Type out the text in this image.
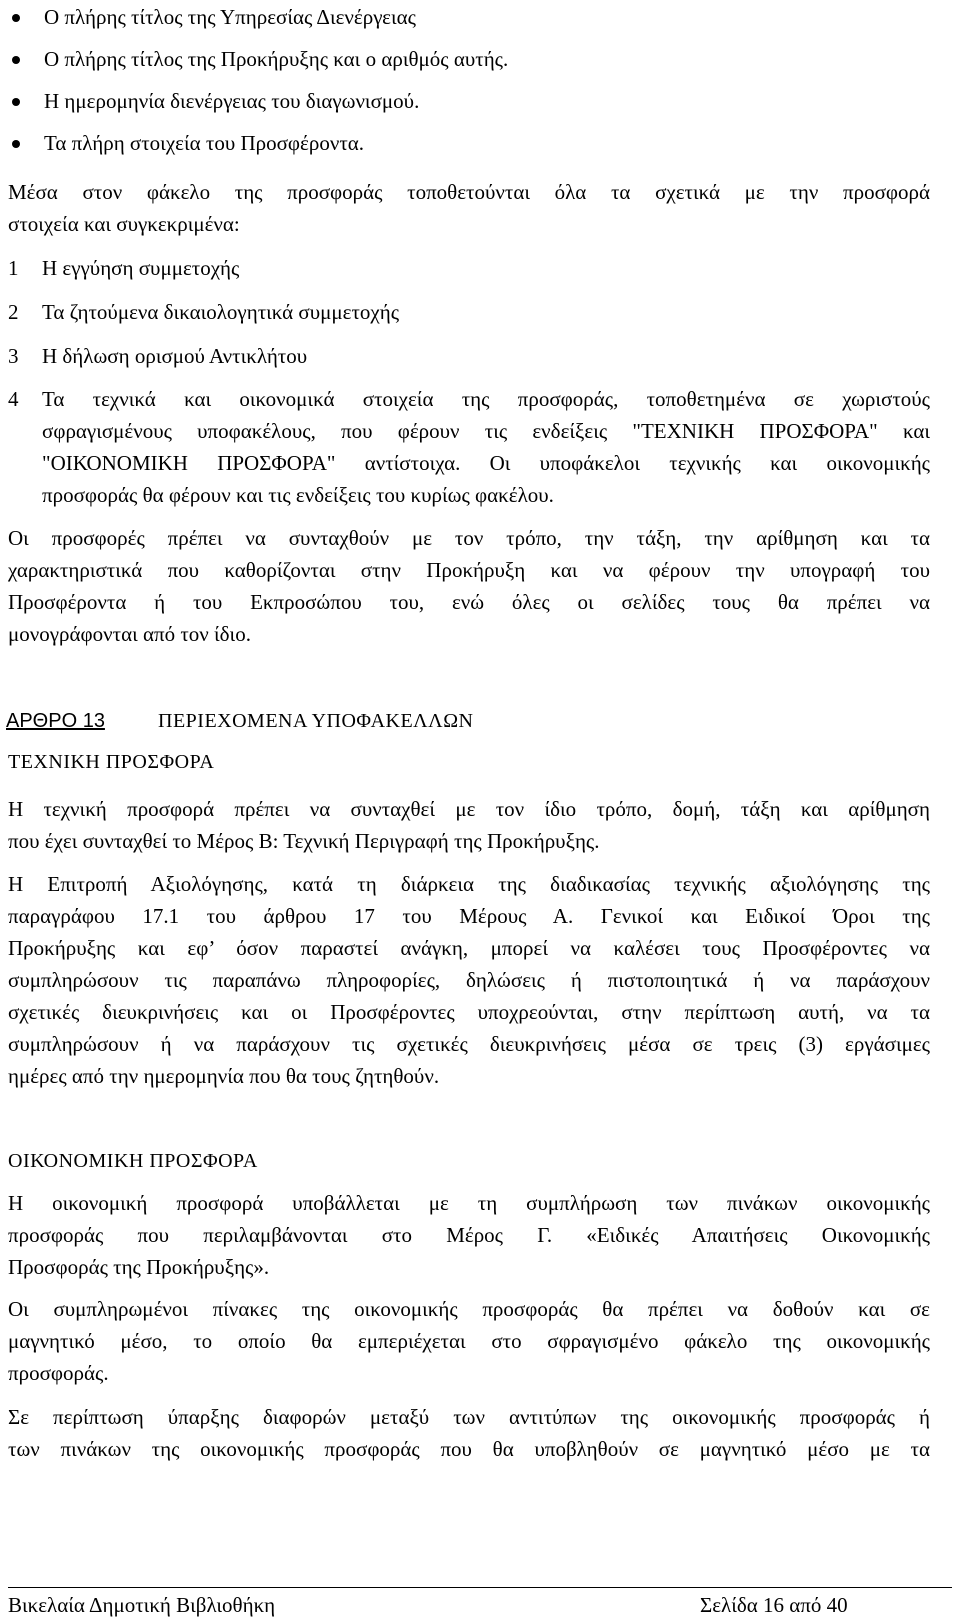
Ο πλήρης τίτλος της Υπηρεσίας Διενέργειας
Ο πλήρης τίτλος της Προκήρυξης και ο αριθμός αυτής.
Η ημερομηνία διενέργειας του διαγωνισμού.
Τα πλήρη στοιχεία του Προσφέροντα.
Μέσα στον φάκελο της προσφοράς τοποθετούνται όλα τα σχετικά με την προσφορά
στοιχεία και συγκεκριμένα:
1 Η εγγύηση συμμετοχής
2 Τα ζητούμενα δικαιολογητικά συμμετοχής
3 Η δήλωση ορισμού Αντικλήτου
4 Τα τεχνικά και οικονομικά στοιχεία της προσφοράς, τοποθετημένα σε χωριστούς
σφραγισμένους υποφακέλους, που φέρουν τις ενδείξεις "ΤΕΧΝΙΚΗ ΠΡΟΣΦΟΡΑ" και
"ΟΙΚΟΝΟΜΙΚΗ ΠΡΟΣΦΟΡΑ" αντίστοιχα. Οι υποφάκελοι τεχνικής και οικονομικής
προσφοράς θα φέρουν και τις ενδείξεις του κυρίως φακέλου.
Οι προσφορές πρέπει να συνταχθούν με τον τρόπο, την τάξη, την αρίθμηση και τα
χαρακτηριστικά που καθορίζονται στην Προκήρυξη και να φέρουν την υπογραφή του
Προσφέροντα ή του Εκπροσώπου του, ενώ όλες οι σελίδες τους θα πρέπει να
μονογράφονται από τον ίδιο.
ΑΡΘΡΟ 13	ΠΕΡΙΕΧΟΜΕΝΑ ΥΠΟΦΑΚΕΛΛΩΝ
ΤΕΧΝΙΚΗ ΠΡΟΣΦΟΡΑ
Η τεχνική προσφορά πρέπει να συνταχθεί με τον ίδιο τρόπο, δομή, τάξη και αρίθμηση
που έχει συνταχθεί το Μέρος Β: Τεχνική Περιγραφή της Προκήρυξης.
Η Επιτροπή Αξιολόγησης, κατά τη διάρκεια της διαδικασίας τεχνικής αξιολόγησης της
παραγράφου 17.1 του άρθρου 17 του Μέρους Α. Γενικοί και Ειδικοί Όροι της
Προκήρυξης και εφ’ όσον παραστεί ανάγκη, μπορεί να καλέσει τους Προσφέροντες να
συμπληρώσουν τις παραπάνω πληροφορίες, δηλώσεις ή πιστοποιητικά ή να παράσχουν
σχετικές διευκρινήσεις και οι Προσφέροντες υποχρεούνται, στην περίπτωση αυτή, να τα
συμπληρώσουν ή να παράσχουν τις σχετικές διευκρινήσεις μέσα σε τρεις (3) εργάσιμες
ημέρες από την ημερομηνία που θα τους ζητηθούν.
ΟΙΚΟΝΟΜΙΚΗ ΠΡΟΣΦΟΡΑ
Η οικονομική προσφορά υποβάλλεται με τη συμπλήρωση των πινάκων οικονομικής
προσφοράς που περιλαμβάνονται στο Μέρος Γ. «Ειδικές Απαιτήσεις Οικονομικής
Προσφοράς της Προκήρυξης».
Οι συμπληρωμένοι πίνακες της οικονομικής προσφοράς θα πρέπει να δοθούν και σε
μαγνητικό μέσο, το οποίο θα εμπεριέχεται στο σφραγισμένο φάκελο της οικονομικής
προσφοράς.
Σε περίπτωση ύπαρξης διαφορών μεταξύ των αντιτύπων της οικονομικής προσφοράς ή
των πινάκων της οικονομικής προσφοράς που θα υποβληθούν σε μαγνητικό μέσο με τα
Βικελαία Δημοτική Βιβλιοθήκη	Σελίδα 16 από 40
